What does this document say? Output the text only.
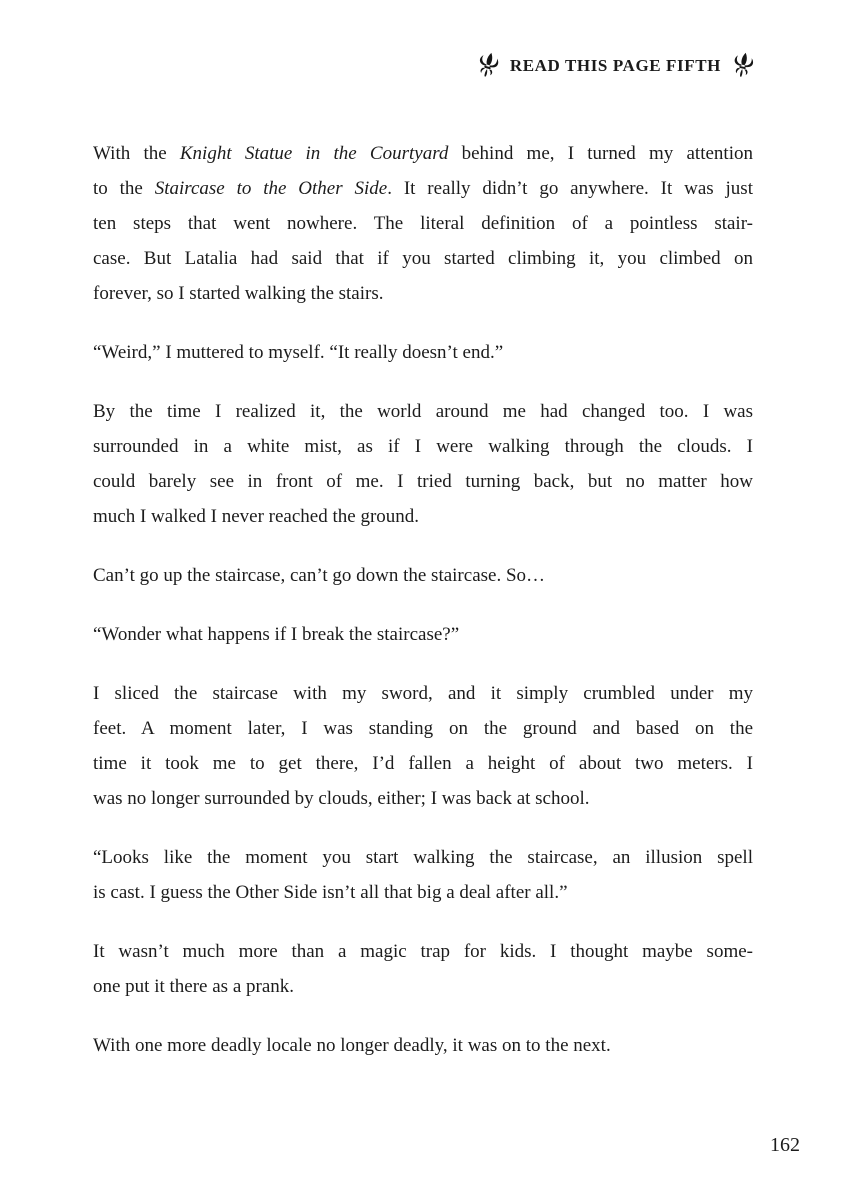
READ THIS PAGE FIFTH

With the Knight Statue in the Courtyard behind me, I turned my attention
to the Staircase to the Other Side. It really didn’t go anywhere. It was just
ten steps that went nowhere. The literal definition of a pointless stair-
case. But Latalia had said that if you started climbing it, you climbed on
forever, so I started walking the stairs.

“Weird,” I muttered to myself. “It really doesn’t end.”

By the time I realized it, the world around me had changed too. I was
surrounded in a white mist, as if I were walking through the clouds. I
could barely see in front of me. I tried turning back, but no matter how
much I walked I never reached the ground.

Can’t go up the staircase, can’t go down the staircase. So…

“Wonder what happens if I break the staircase?”

I sliced the staircase with my sword, and it simply crumbled under my
feet. A moment later, I was standing on the ground and based on the
time it took me to get there, I’d fallen a height of about two meters. I
was no longer surrounded by clouds, either; I was back at school.

“Looks like the moment you start walking the staircase, an illusion spell
is cast. I guess the Other Side isn’t all that big a deal after all.”

It wasn’t much more than a magic trap for kids. I thought maybe some-
one put it there as a prank.

With one more deadly locale no longer deadly, it was on to the next.

162
